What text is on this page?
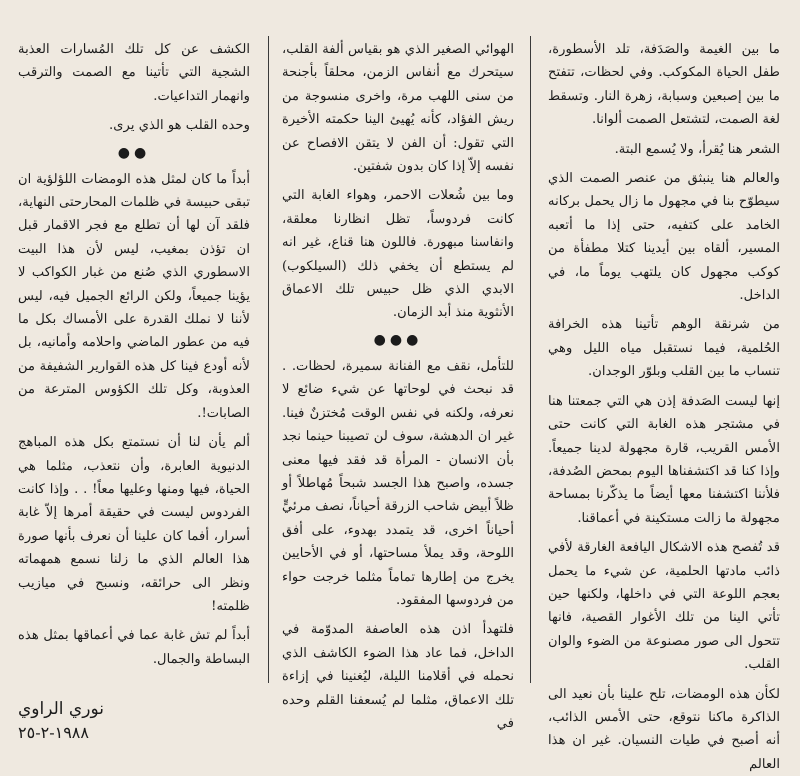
ما بين الغيمة والصَدَفة، تلد الأسطورة، طفل الحياة المكوكب. وفي لحظات، تتفتح ما بين إصبعين وسبابة، زهرة النار. وتسقط لغة الصمت، لتشتعل الصمت ألوانا.

الشعر هنا يُقرأ، ولا يُسمع البتة.

والعالم هنا ينبثق من عنصر الصمت الذي سيطوّح بنا في مجهول ما زال يحمل بركانه الخامد على كتفيه، حتى إذا ما أتعبه المسير، ألقاه بين أيدينا كتلا مطفأة من كوكب مجهول كان يلتهب يوماً ما، في الداخل.

من شرنقة الوهم تأتينا هذه الخرافة الحُلمية، فيما نستقبل مياه الليل وهي تنساب ما بين القلب وبلوّر الوجدان.

إنها ليست الصَدفة إذن هي التي جمعتنا هنا في مشتجر هذه الغابة التي كانت حتى الأمس القريب، قارة مجهولة لدينا جميعاً. وإذا كنا قد اكتشفناها اليوم بمحض الصُدفة، فلأننا اكتشفنا معها أيضاً ما يذكّرنا بمساحة مجهولة ما زالت مستكينة في أعماقنا.

قد تُفصح هذه الاشكال اليافعة الغارقة لأفي ذائب مادتها الحلمية، عن شيء ما يحمل بعجم اللوعة التي في داخلها، ولكنها حين تأتي الينا من تلك الأغوار القصية، فانها تتحول الى صور مصنوعة من الضوء والوان القلب.

لكأن هذه الومضات، تلح علينا بأن نعيد الى الذاكرة ماكنا نتوقع، حتى الأمس الذائب، أنه أصبح في طيات النسيان. غير ان هذا العالم

الهوائي الصغير الذي هو بقياس ألفة القلب، سيتحرك مع أنفاس الزمن، محلقاً بأجنحة من سنى اللهب مرة، واخرى منسوجة من ريش الفؤاد، كأنه يُهيئ الينا حكمته الأخيرة التي تقول: أن الفن لا يتقن الافصاح عن نفسه إلاّ إذا كان بدون شفتين.

وما بين شُعلات الاحمر، وهواء الغابة التي كانت فردوساً، تظل انظارنا معلقة، وانفاسنا مبهورة. فاللون هنا قناع، غير انه لم يستطع أن يخفي ذلك (السيلكوب) الابدي الذي ظل حبيس تلك الاعماق الأنثوية منذ أبد الزمان.

●●●

للتأمل، نقف مع الفنانة سميرة، لحظات. . قد نبحث في لوحاتها عن شيء ضائع لا نعرفه، ولكنه في نفس الوقت مُختزنٌ فينا. غير ان الدهشة، سوف لن تصيبنا حينما نجد بأن الانسان - المرأة قد فقد فيها معنى جسده، واصبح هذا الجسد شبحاً مُهاطلاً أو ظلاً أبيض شاحب الزرقة أحياناً، نصف مرئيٍّ أحياناً اخرى، قد يتمدد بهدوء، على أفق اللوحة، وقد يملأ مساحتها، أو في الأحايين يخرج من إطارها تماماً مثلما خرجت حواء من فردوسها المفقود.

فلتهدأ اذن هذه العاصفة المدوّمة في الداخل، فما عاد هذا الضوء الكاشف الذي نحمله في أقلامنا الليلة، ليُغنينا في إزاءة تلك الاعماق، مثلما لم يُسعفنا القلم وحده في

الكشف عن كل تلك المُسارات العذبة الشجية التي تأتينا مع الصمت والترقب وانهمار التداعيات.

وحده القلب هو الذي يرى.

●●

أبداً ما كان لمثل هذه الومضات اللؤلؤية ان تبقى حبيسة في ظلمات المحارحتى النهاية، فلقد آن لها أن تطلع مع فجر الاقمار قبل ان تؤذن بمغيب، ليس لأن هذا البيت الاسطوري الذي صُنع من غبار الكواكب لا يؤينا جميعاً، ولكن الرائع الجميل فيه، ليس لأننا لا نملك القدرة على الأمساك بكل ما فيه من عطور الماضي واحلامه وأمانيه، بل لأنه أودع فينا كل هذه القوارير الشفيفة من العذوبة، وكل تلك الكؤوس المترعة من الصابات!.

ألم يأن لنا أن نستمتع بكل هذه المباهج الدنيوية العابرة، وأن نتعذب، مثلما هي الحياة، فيها ومنها وعليها معاً! . . وإذا كانت الفردوس ليست في حقيقة أمرها إلاّ غابة أسرار، أفما كان علينا أن نعرف بأنها صورة هذا العالم الذي ما زلنا نسمع همهماته ونظر الى حرائقه، ونسبح في ميازيب ظلمته!

أبداً لم تش غابة عما في أعماقها بمثل هذه البساطة والجمال.

نوري الراوي
١٩٨٨-٢-٢٥
